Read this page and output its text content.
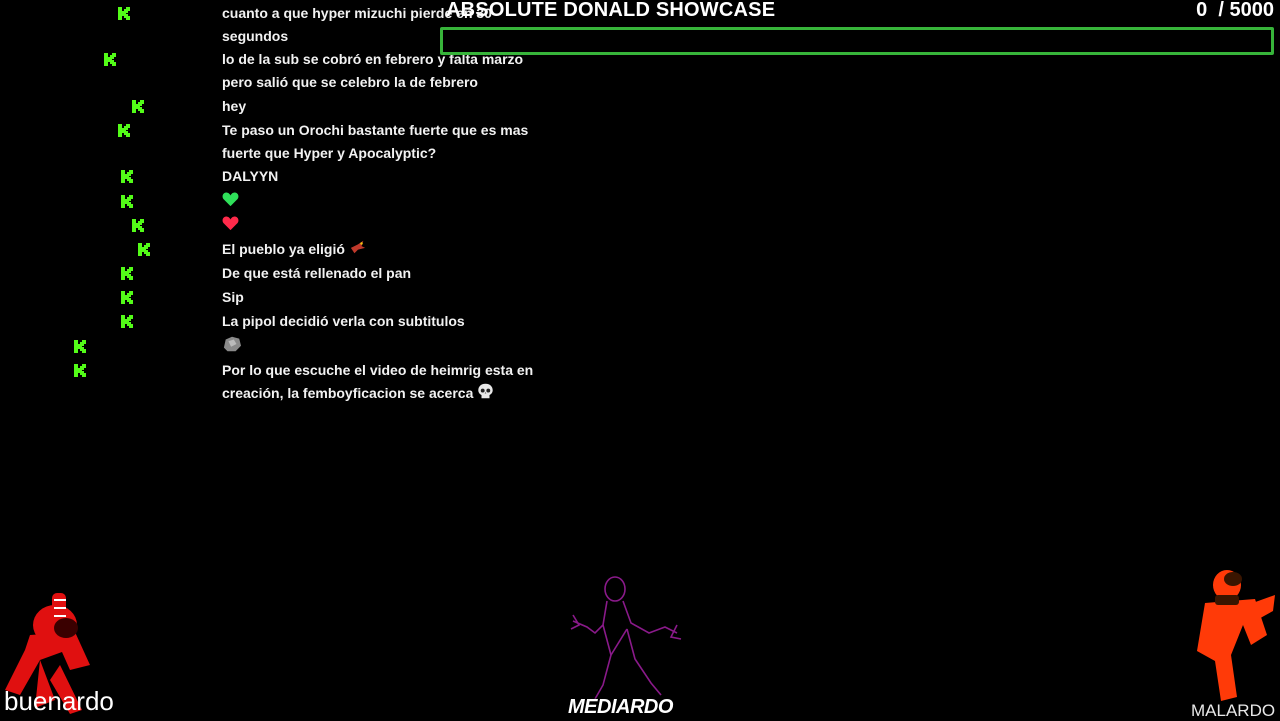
cuanto a que hyper mizuchi pierde en 30 segundos
lo de la sub se cobró en febrero y falta marzo pero salió que se celebro la de febrero
hey
Te paso un Orochi bastante fuerte que es mas fuerte que Hyper y Apocalyptic?
DALYYN
El pueblo ya eligió
De que está rellenado el pan
Sip
La pipol decidió verla con subtitulos
Por lo que escuche el video de heimrig esta en creación, la femboyficacion se acerca
ABSOLUTE DONALD SHOWCASE	0 / 5000
buenardo	MEDIARDO	MALARDO
